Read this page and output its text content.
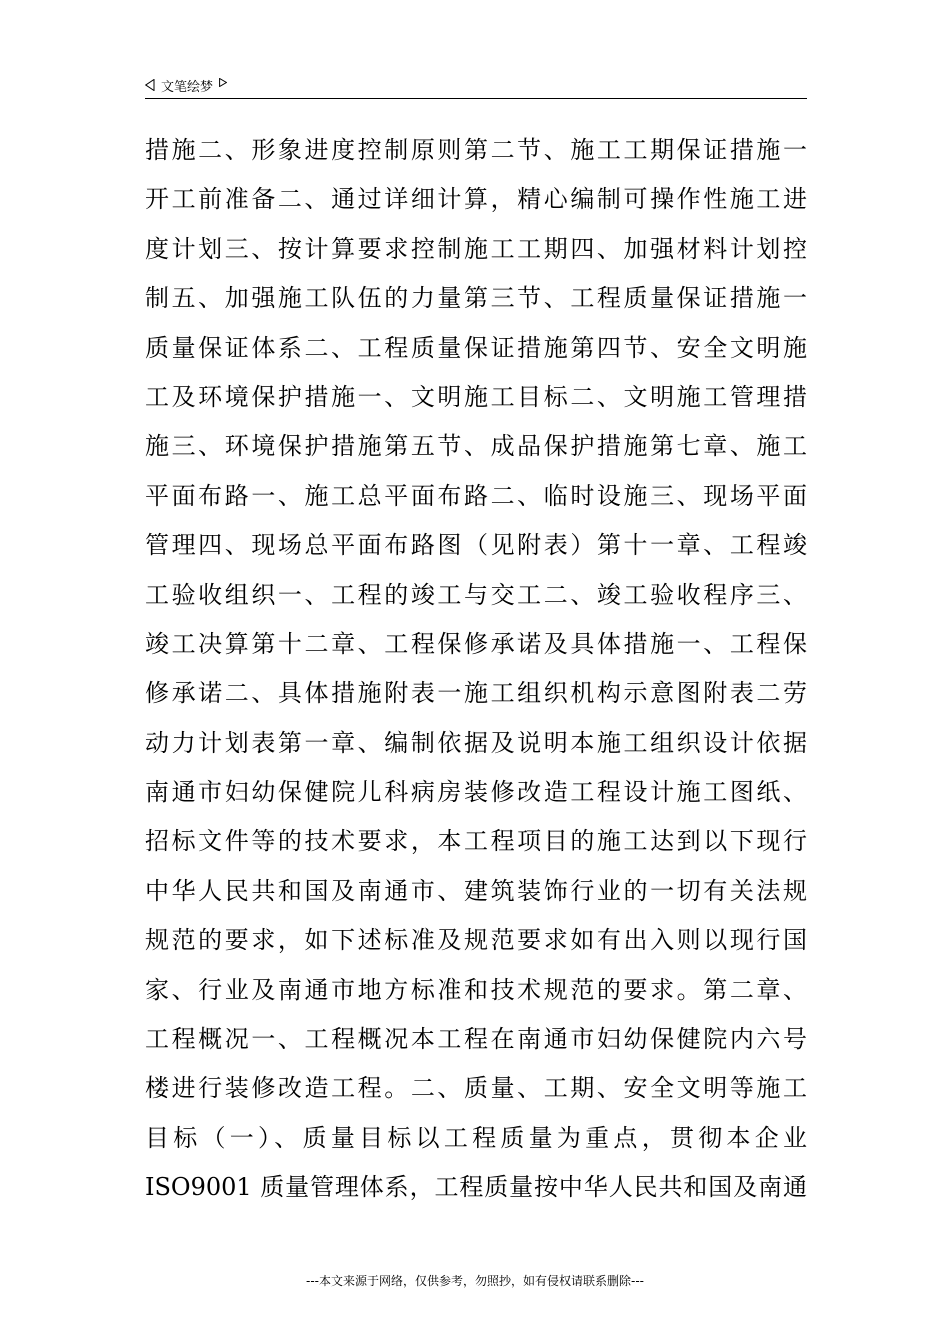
文笔绘梦
措施二、形象进度控制原则第二节、施工工期保证措施一
开工前准备二、通过详细计算，精心编制可操作性施工进
度计划三、按计算要求控制施工工期四、加强材料计划控
制五、加强施工队伍的力量第三节、工程质量保证措施一
质量保证体系二、工程质量保证措施第四节、安全文明施
工及环境保护措施一、文明施工目标二、文明施工管理措
施三、环境保护措施第五节、成品保护措施第七章、施工
平面布路一、施工总平面布路二、临时设施三、现场平面
管理四、现场总平面布路图（见附表）第十一章、工程竣
工验收组织一、工程的竣工与交工二、竣工验收程序三、
竣工决算第十二章、工程保修承诺及具体措施一、工程保
修承诺二、具体措施附表一施工组织机构示意图附表二劳
动力计划表第一章、编制依据及说明本施工组织设计依据
南通市妇幼保健院儿科病房装修改造工程设计施工图纸、
招标文件等的技术要求，本工程项目的施工达到以下现行
中华人民共和国及南通市、建筑装饰行业的一切有关法规
规范的要求，如下述标准及规范要求如有出入则以现行国
家、行业及南通市地方标准和技术规范的要求。第二章、
工程概况一、工程概况本工程在南通市妇幼保健院内六号
楼进行装修改造工程。二、质量、工期、安全文明等施工
目标（一）、质量目标以工程质量为重点，贯彻本企业
ISO9001 质量管理体系，工程质量按中华人民共和国及南通
---本文来源于网络，仅供参考，勿照抄，如有侵权请联系删除---
